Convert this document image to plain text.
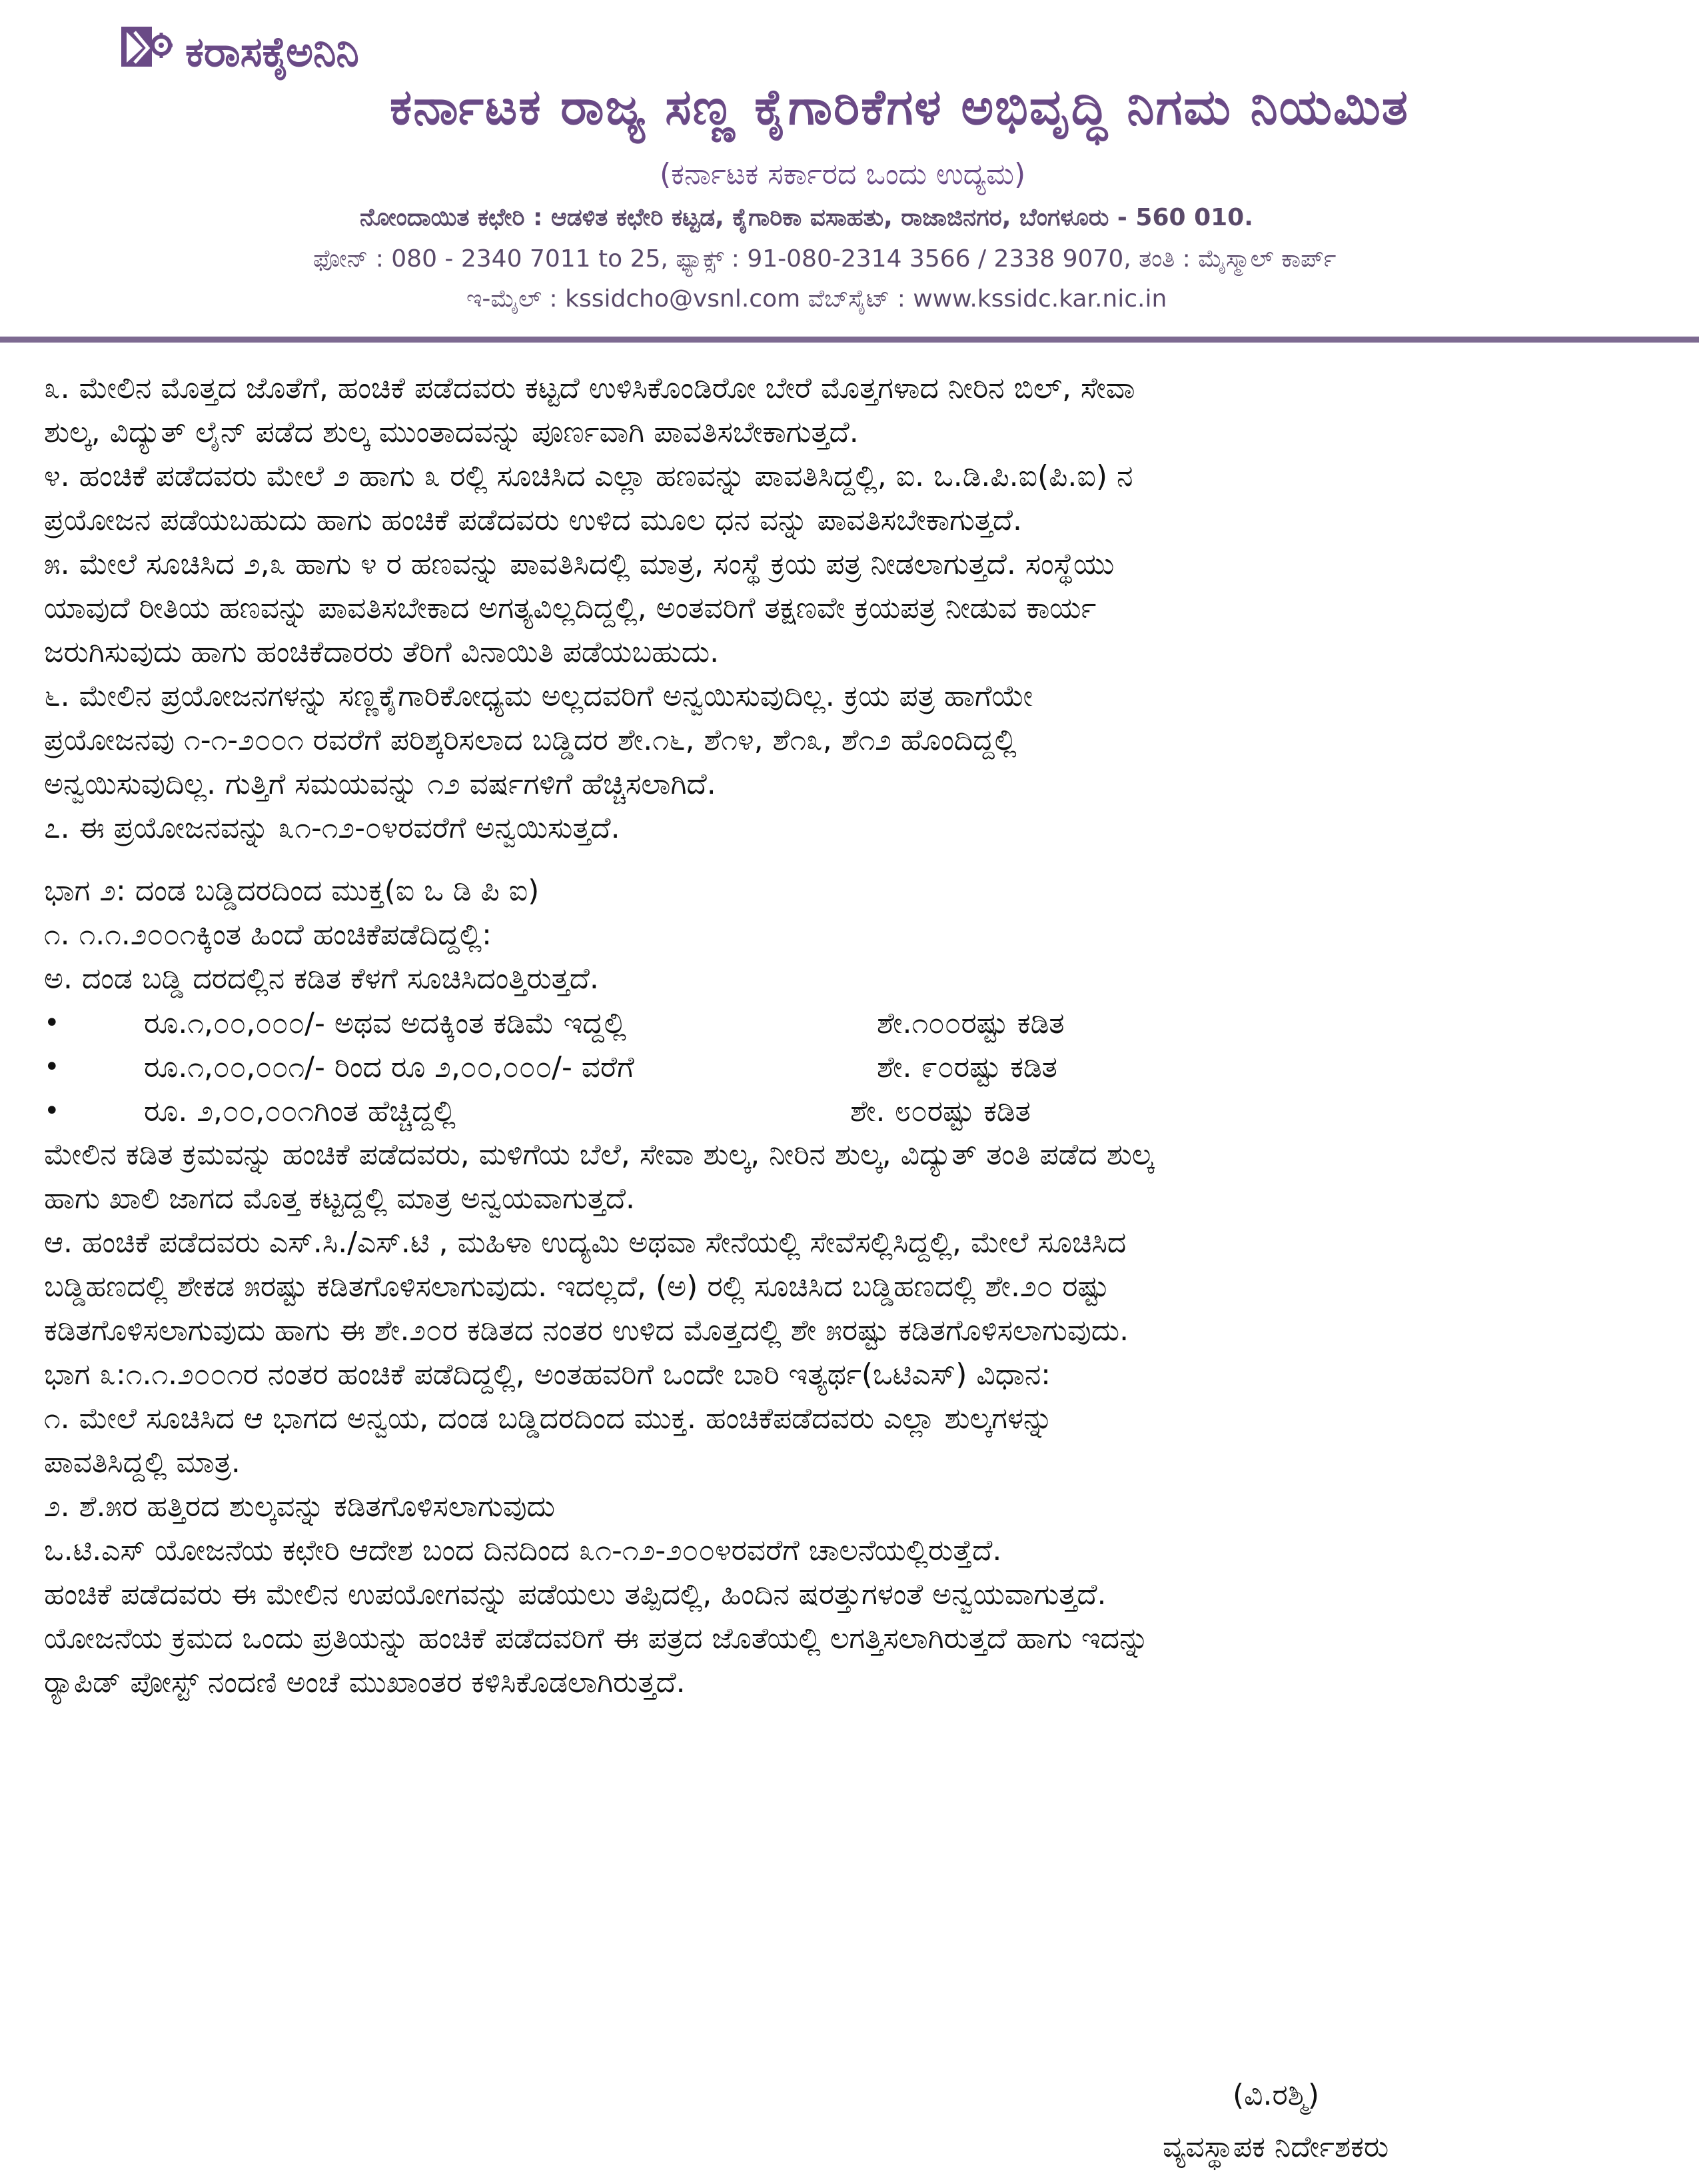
ಕರಾಸಕೈಅನಿನಿ
ಕರ್ನಾಟಕ ರಾಜ್ಯ ಸಣ್ಣ ಕೈಗಾರಿಕೆಗಳ ಅಭಿವೃದ್ಧಿ ನಿಗಮ ನಿಯಮಿತ
(ಕರ್ನಾಟಕ ಸರ್ಕಾರದ ಒಂದು ಉದ್ಯಮ)
ನೋಂದಾಯಿತ ಕಛೇರಿ : ಆಡಳಿತ ಕಛೇರಿ ಕಟ್ಟಡ, ಕೈಗಾರಿಕಾ ವಸಾಹತು, ರಾಜಾಜಿನಗರ, ಬೆಂಗಳೂರು - 560 010.
ಫೋನ್ : 080 - 2340 7011 to 25, ಫ್ಯಾಕ್ಸ್ : 91-080-2314 3566 / 2338 9070, ತಂತಿ : ಮೈಸ್ಮಾಲ್ ಕಾರ್ಪ್
ಇ-ಮೈಲ್ : kssidcho@vsnl.com ವೆಬ್‌ಸೈಟ್ : www.kssidc.kar.nic.in
೩. ಮೇಲಿನ ಮೊತ್ತದ ಜೊತೆಗೆ, ಹಂಚಿಕೆ ಪಡೆದವರು ಕಟ್ಟದೆ ಉಳಿಸಿಕೊಂಡಿರೋ ಬೇರೆ ಮೊತ್ತಗಳಾದ ನೀರಿನ ಬಿಲ್, ಸೇವಾ
ಶುಲ್ಕ, ವಿದ್ಯುತ್ ಲೈನ್ ಪಡೆದ ಶುಲ್ಕ ಮುಂತಾದವನ್ನು ಪೂರ್ಣವಾಗಿ ಪಾವತಿಸಬೇಕಾಗುತ್ತದೆ.
೪. ಹಂಚಿಕೆ ಪಡೆದವರು ಮೇಲೆ ೨ ಹಾಗು ೩ ರಲ್ಲಿ ಸೂಚಿಸಿದ ಎಲ್ಲಾ ಹಣವನ್ನು ಪಾವತಿಸಿದ್ದಲ್ಲಿ, ಐ. ಒ.ಡಿ.ಪಿ.ಐ(ಪಿ.ಐ) ನ
ಪ್ರಯೋಜನ ಪಡೆಯಬಹುದು ಹಾಗು ಹಂಚಿಕೆ ಪಡೆದವರು ಉಳಿದ ಮೂಲ ಧನ ವನ್ನು ಪಾವತಿಸಬೇಕಾಗುತ್ತದೆ.
೫. ಮೇಲೆ ಸೂಚಿಸಿದ ೨,೩ ಹಾಗು ೪ ರ ಹಣವನ್ನು ಪಾವತಿಸಿದಲ್ಲಿ ಮಾತ್ರ, ಸಂಸ್ಥೆ ಕ್ರಯ ಪತ್ರ ನೀಡಲಾಗುತ್ತದೆ. ಸಂಸ್ಥೆಯು
ಯಾವುದೆ ರೀತಿಯ ಹಣವನ್ನು ಪಾವತಿಸಬೇಕಾದ ಅಗತ್ಯವಿಲ್ಲದಿದ್ದಲ್ಲಿ, ಅಂತವರಿಗೆ ತಕ್ಷಣವೇ ಕ್ರಯಪತ್ರ ನೀಡುವ ಕಾರ್ಯ
ಜರುಗಿಸುವುದು ಹಾಗು ಹಂಚಿಕೆದಾರರು ತೆರಿಗೆ ವಿನಾಯಿತಿ ಪಡೆಯಬಹುದು.
೬. ಮೇಲಿನ ಪ್ರಯೋಜನಗಳನ್ನು ಸಣ್ಣಕೈಗಾರಿಕೋಧ್ಯಮ ಅಲ್ಲದವರಿಗೆ ಅನ್ವಯಿಸುವುದಿಲ್ಲ. ಕ್ರಯ ಪತ್ರ ಹಾಗೆಯೇ
ಪ್ರಯೋಜನವು ೧-೧-೨೦೦೧ ರವರೆಗೆ ಪರಿಶ್ಕರಿಸಲಾದ ಬಡ್ಡಿದರ ಶೇ.೧೬, ಶೆ೧೪, ಶೆ೧೩, ಶೆ೧೨ ಹೊಂದಿದ್ದಲ್ಲಿ
ಅನ್ವಯಿಸುವುದಿಲ್ಲ. ಗುತ್ತಿಗೆ ಸಮಯವನ್ನು ೧೨ ವರ್ಷಗಳಿಗೆ ಹೆಚ್ಚಿಸಲಾಗಿದೆ.
೭. ಈ ಪ್ರಯೋಜನವನ್ನು ೩೧-೧೨-೦೪ರವರೆಗೆ ಅನ್ವಯಿಸುತ್ತದೆ.
ಭಾಗ ೨: ದಂಡ ಬಡ್ಡಿದರದಿಂದ ಮುಕ್ತ(ಐ ಒ ಡಿ ಪಿ ಐ)
೧. ೧.೧.೨೦೦೧ಕ್ಕಿಂತ ಹಿಂದೆ ಹಂಚಿಕೆಪಡೆದಿದ್ದಲ್ಲಿ:
ಅ. ದಂಡ ಬಡ್ಡಿ ದರದಲ್ಲಿನ ಕಡಿತ ಕೆಳಗೆ ಸೂಚಿಸಿದಂತ್ತಿರುತ್ತದೆ.
•	ರೂ.೧,೦೦,೦೦೦/- ಅಥವ ಅದಕ್ಕಿಂತ ಕಡಿಮೆ ಇದ್ದಲ್ಲಿ	ಶೇ.೧೦೦ರಷ್ಟು ಕಡಿತ
•	ರೂ.೧,೦೦,೦೦೧/- ರಿಂದ ರೂ ೨,೦೦,೦೦೦/- ವರೆಗೆ	ಶೇ. ೯೦ರಷ್ಟು ಕಡಿತ
•	ರೂ. ೨,೦೦,೦೦೧ಗಿಂತ ಹೆಚ್ಚಿದ್ದಲ್ಲಿ	ಶೇ. ೮೦ರಷ್ಟು ಕಡಿತ
ಮೇಲಿನ ಕಡಿತ ಕ್ರಮವನ್ನು ಹಂಚಿಕೆ ಪಡೆದವರು, ಮಳಿಗೆಯ ಬೆಲೆ, ಸೇವಾ ಶುಲ್ಕ, ನೀರಿನ ಶುಲ್ಕ, ವಿದ್ಯುತ್ ತಂತಿ ಪಡೆದ ಶುಲ್ಕ
ಹಾಗು ಖಾಲಿ ಜಾಗದ ಮೊತ್ತ ಕಟ್ಟದ್ದಲ್ಲಿ ಮಾತ್ರ ಅನ್ವಯವಾಗುತ್ತದೆ.
ಆ. ಹಂಚಿಕೆ ಪಡೆದವರು ಎಸ್.ಸಿ./ಎಸ್.ಟಿ , ಮಹಿಳಾ ಉದ್ಯಮಿ ಅಥವಾ ಸೇನೆಯಲ್ಲಿ ಸೇವೆಸಲ್ಲಿಸಿದ್ದಲ್ಲಿ, ಮೇಲೆ ಸೂಚಿಸಿದ
ಬಡ್ಡಿಹಣದಲ್ಲಿ ಶೇಕಡ ೫ರಷ್ಟು ಕಡಿತಗೊಳಿಸಲಾಗುವುದು. ಇದಲ್ಲದೆ, (ಅ) ರಲ್ಲಿ ಸೂಚಿಸಿದ ಬಡ್ಡಿಹಣದಲ್ಲಿ ಶೇ.೨೦ ರಷ್ಟು
ಕಡಿತಗೊಳಿಸಲಾಗುವುದು ಹಾಗು ಈ ಶೇ.೨೦ರ ಕಡಿತದ ನಂತರ ಉಳಿದ ಮೊತ್ತದಲ್ಲಿ ಶೇ ೫ರಷ್ಟು ಕಡಿತಗೊಳಿಸಲಾಗುವುದು.
ಭಾಗ ೩:೧.೧.೨೦೦೧ರ ನಂತರ ಹಂಚಿಕೆ ಪಡೆದಿದ್ದಲ್ಲಿ, ಅಂತಹವರಿಗೆ ಒಂದೇ ಬಾರಿ ಇತ್ಯರ್ಥ(ಒಟಿಎಸ್) ವಿಧಾನ:
೧. ಮೇಲೆ ಸೂಚಿಸಿದ ಆ ಭಾಗದ ಅನ್ವಯ, ದಂಡ ಬಡ್ಡಿದರದಿಂದ ಮುಕ್ತ. ಹಂಚಿಕೆಪಡೆದವರು ಎಲ್ಲಾ ಶುಲ್ಕಗಳನ್ನು
ಪಾವತಿಸಿದ್ದಲ್ಲಿ ಮಾತ್ರ.
೨. ಶೆ.೫ರ ಹತ್ತಿರದ ಶುಲ್ಕವನ್ನು ಕಡಿತಗೊಳಿಸಲಾಗುವುದು
ಒ.ಟಿ.ಎಸ್ ಯೋಜನೆಯ ಕಛೇರಿ ಆದೇಶ ಬಂದ ದಿನದಿಂದ ೩೧-೧೨-೨೦೦೪ರವರೆಗೆ ಚಾಲನೆಯಲ್ಲಿರುತ್ತೆದೆ.
ಹಂಚಿಕೆ ಪಡೆದವರು ಈ ಮೇಲಿನ ಉಪಯೋಗವನ್ನು ಪಡೆಯಲು ತಪ್ಪಿದಲ್ಲಿ, ಹಿಂದಿನ ಷರತ್ತುಗಳಂತೆ ಅನ್ವಯವಾಗುತ್ತದೆ.
ಯೋಜನೆಯ ಕ್ರಮದ ಒಂದು ಪ್ರತಿಯನ್ನು ಹಂಚಿಕೆ ಪಡೆದವರಿಗೆ ಈ ಪತ್ರದ ಜೊತೆಯಲ್ಲಿ ಲಗತ್ತಿಸಲಾಗಿರುತ್ತದೆ ಹಾಗು ಇದನ್ನು
ರ್‍ಯಾಪಿಡ್ ಪೋಸ್ಟ್ ನಂದಣಿ ಅಂಚೆ ಮುಖಾಂತರ ಕಳಿಸಿಕೊಡಲಾಗಿರುತ್ತದೆ.
(ವಿ.ರಶ್ಮಿ)
ವ್ಯವಸ್ಥಾಪಕ ನಿರ್ದೇಶಕರು
